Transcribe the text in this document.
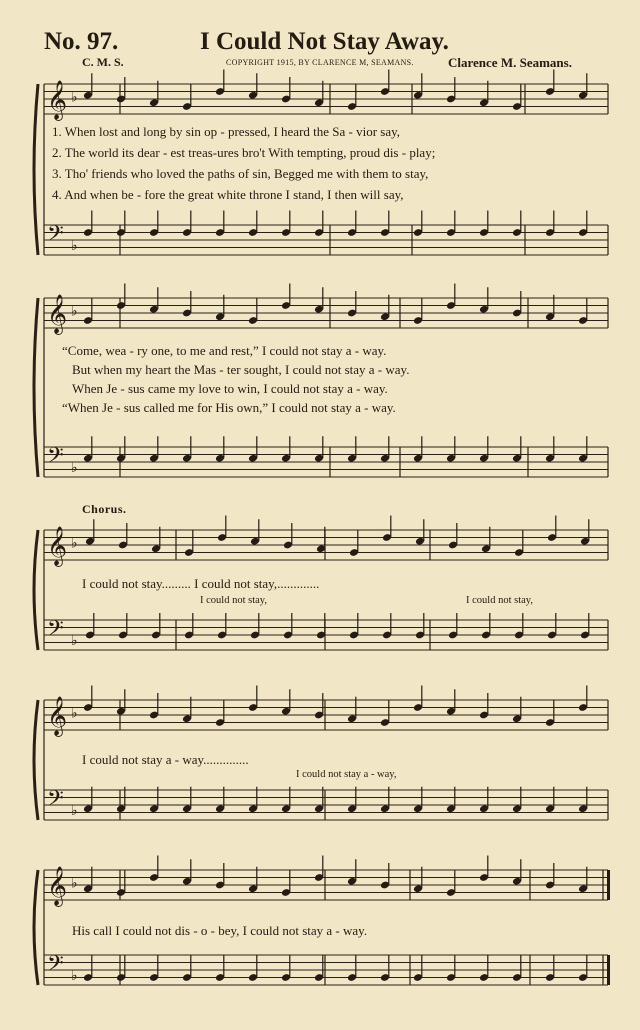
No. 97.	I Could Not Stay Away.
C. M. S.	COPYRIGHT 1915, BY CLARENCE M, SEAMANS.	Clarence M. Seamans.
𝄞 ♭
𝄢 ♭
𝄞 ♭
𝄢 ♭
𝄞 ♭
𝄢 ♭
𝄞 ♭
𝄢 ♭
𝄞 ♭
𝄢 ♭
1. When lost and long by sin op - pressed, I heard the Sa - vior say,
2. The world its dear - est treas-ures bro't With tempting, proud dis - play;
3. Tho' friends who loved the paths of sin, Begged me with them to stay,
4. And when be - fore the great white throne I stand, I then will say,
“Come, wea - ry one, to me and rest,” I could not stay a - way.
But when my heart the Mas - ter sought, I could not stay a - way.
When Je - sus came my love to win, I could not stay a - way.
“When Je - sus called me for His own,” I could not stay a - way.
Chorus.
I could not stay......... I could not stay,.............
I could not stay,	I could not stay,
I could not stay a - way..............
I could not stay a - way,
His call I could not dis - o - bey, I could not stay a - way.
